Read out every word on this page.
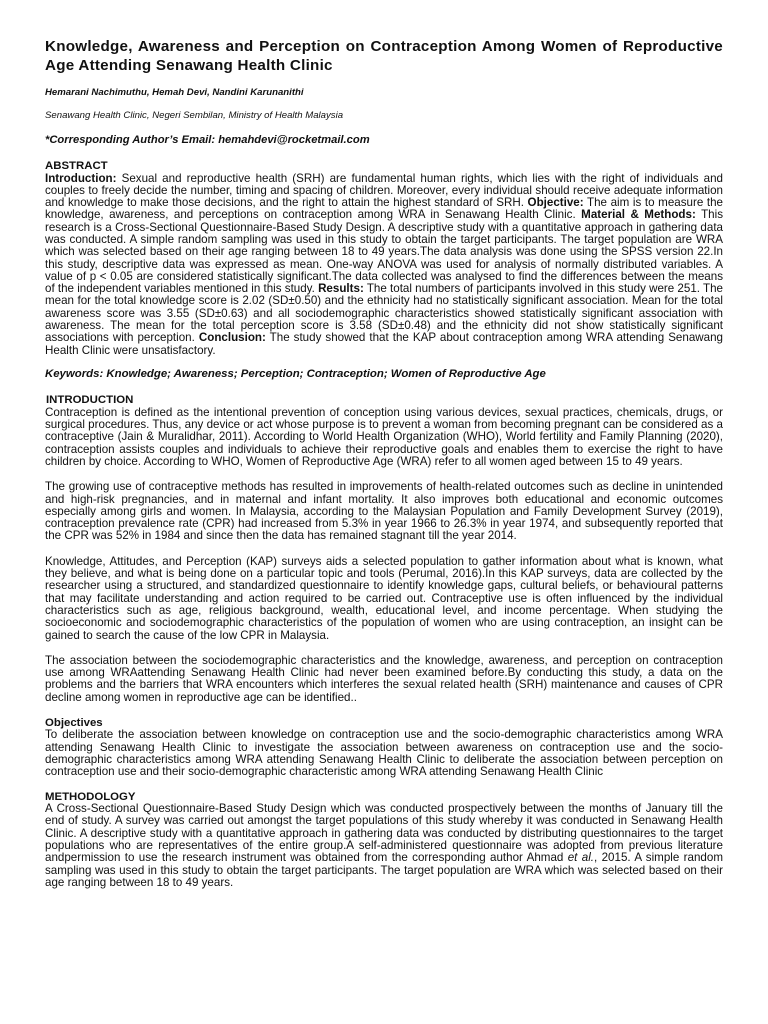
Knowledge, Awareness and Perception on Contraception Among Women of Reproductive Age Attending Senawang Health Clinic
Hemarani Nachimuthu, Hemah Devi, Nandini Karunanithi
Senawang Health Clinic, Negeri Sembilan, Ministry of Health Malaysia
*Corresponding Author’s Email: hemahdevi@rocketmail.com
ABSTRACT

Introduction: Sexual and reproductive health (SRH) are fundamental human rights, which lies with the right of individuals and couples to freely decide the number, timing and spacing of children. Moreover, every individual should receive adequate information and knowledge to make those decisions, and the right to attain the highest standard of SRH. Objective: The aim is to measure the knowledge, awareness, and perceptions on contraception among WRA in Senawang Health Clinic. Material & Methods: This research is a Cross-Sectional Questionnaire-Based Study Design. A descriptive study with a quantitative approach in gathering data was conducted. A simple random sampling was used in this study to obtain the target participants. The target population are WRA which was selected based on their age ranging between 18 to 49 years.The data analysis was done using the SPSS version 22.In this study, descriptive data was expressed as mean. One-way ANOVA was used for analysis of normally distributed variables. A value of p < 0.05 are considered statistically significant.The data collected was analysed to find the differences between the means of the independent variables mentioned in this study. Results: The total numbers of participants involved in this study were 251. The mean for the total knowledge score is 2.02 (SD±0.50) and the ethnicity had no statistically significant association. Mean for the total awareness score was 3.55 (SD±0.63) and all sociodemographic characteristics showed statistically significant association with awareness. The mean for the total perception score is 3.58 (SD±0.48) and the ethnicity did not show statistically significant associations with perception. Conclusion: The study showed that the KAP about contraception among WRA attending Senawang Health Clinic were unsatisfactory.

Keywords: Knowledge; Awareness; Perception; Contraception; Women of Reproductive Age
INTRODUCTION

Contraception is defined as the intentional prevention of conception using various devices, sexual practices, chemicals, drugs, or surgical procedures. Thus, any device or act whose purpose is to prevent a woman from becoming pregnant can be considered as a contraceptive (Jain & Muralidhar, 2011). According to World Health Organization (WHO), World fertility and Family Planning (2020), contraception assists couples and individuals to achieve their reproductive goals and enables them to exercise the right to have children by choice. According to WHO, Women of Reproductive Age (WRA) refer to all women aged between 15 to 49 years.

The growing use of contraceptive methods has resulted in improvements of health-related outcomes such as decline in unintended and high-risk pregnancies, and in maternal and infant mortality. It also improves both educational and economic outcomes especially among girls and women. In Malaysia, according to the Malaysian Population and Family Development Survey (2019), contraception prevalence rate (CPR) had increased from 5.3% in year 1966 to 26.3% in year 1974, and subsequently reported that the CPR was 52% in 1984 and since then the data has remained stagnant till the year 2014.

Knowledge, Attitudes, and Perception (KAP) surveys aids a selected population to gather information about what is known, what they believe, and what is being done on a particular topic and tools (Perumal, 2016).In this KAP surveys, data are collected by the researcher using a structured, and standardized questionnaire to identify knowledge gaps, cultural beliefs, or behavioural patterns that may facilitate understanding and action required to be carried out. Contraceptive use is often influenced by the individual characteristics such as age, religious background, wealth, educational level, and income percentage. When studying the socioeconomic and sociodemographic characteristics of the population of women who are using contraception, an insight can be gained to search the cause of the low CPR in Malaysia.

The association between the sociodemographic characteristics and the knowledge, awareness, and perception on contraception use among WRAattending Senawang Health Clinic had never been examined before.By conducting this study, a data on the problems and the barriers that WRA encounters which interferes the sexual related health (SRH) maintenance and causes of CPR decline among women in reproductive age can be identified..

Objectives

To deliberate the association between knowledge on contraception use and the socio-demographic characteristics among WRA attending Senawang Health Clinic to investigate the association between awareness on contraception use and the socio-demographic characteristics among WRA attending Senawang Health Clinic to deliberate the association between perception on contraception use and their socio-demographic characteristic among WRA attending Senawang Health Clinic

METHODOLOGY

A Cross-Sectional Questionnaire-Based Study Design which was conducted prospectively between the months of January till the end of study. A survey was carried out amongst the target populations of this study whereby it was conducted in Senawang Health Clinic. A descriptive study with a quantitative approach in gathering data was conducted by distributing questionnaires to the target populations who are representatives of the entire group.A self-administered questionnaire was adopted from previous literature andpermission to use the research instrument was obtained from the corresponding author Ahmad et al., 2015. A simple random sampling was used in this study to obtain the target participants. The target population are WRA which was selected based on their age ranging between 18 to 49 years.
